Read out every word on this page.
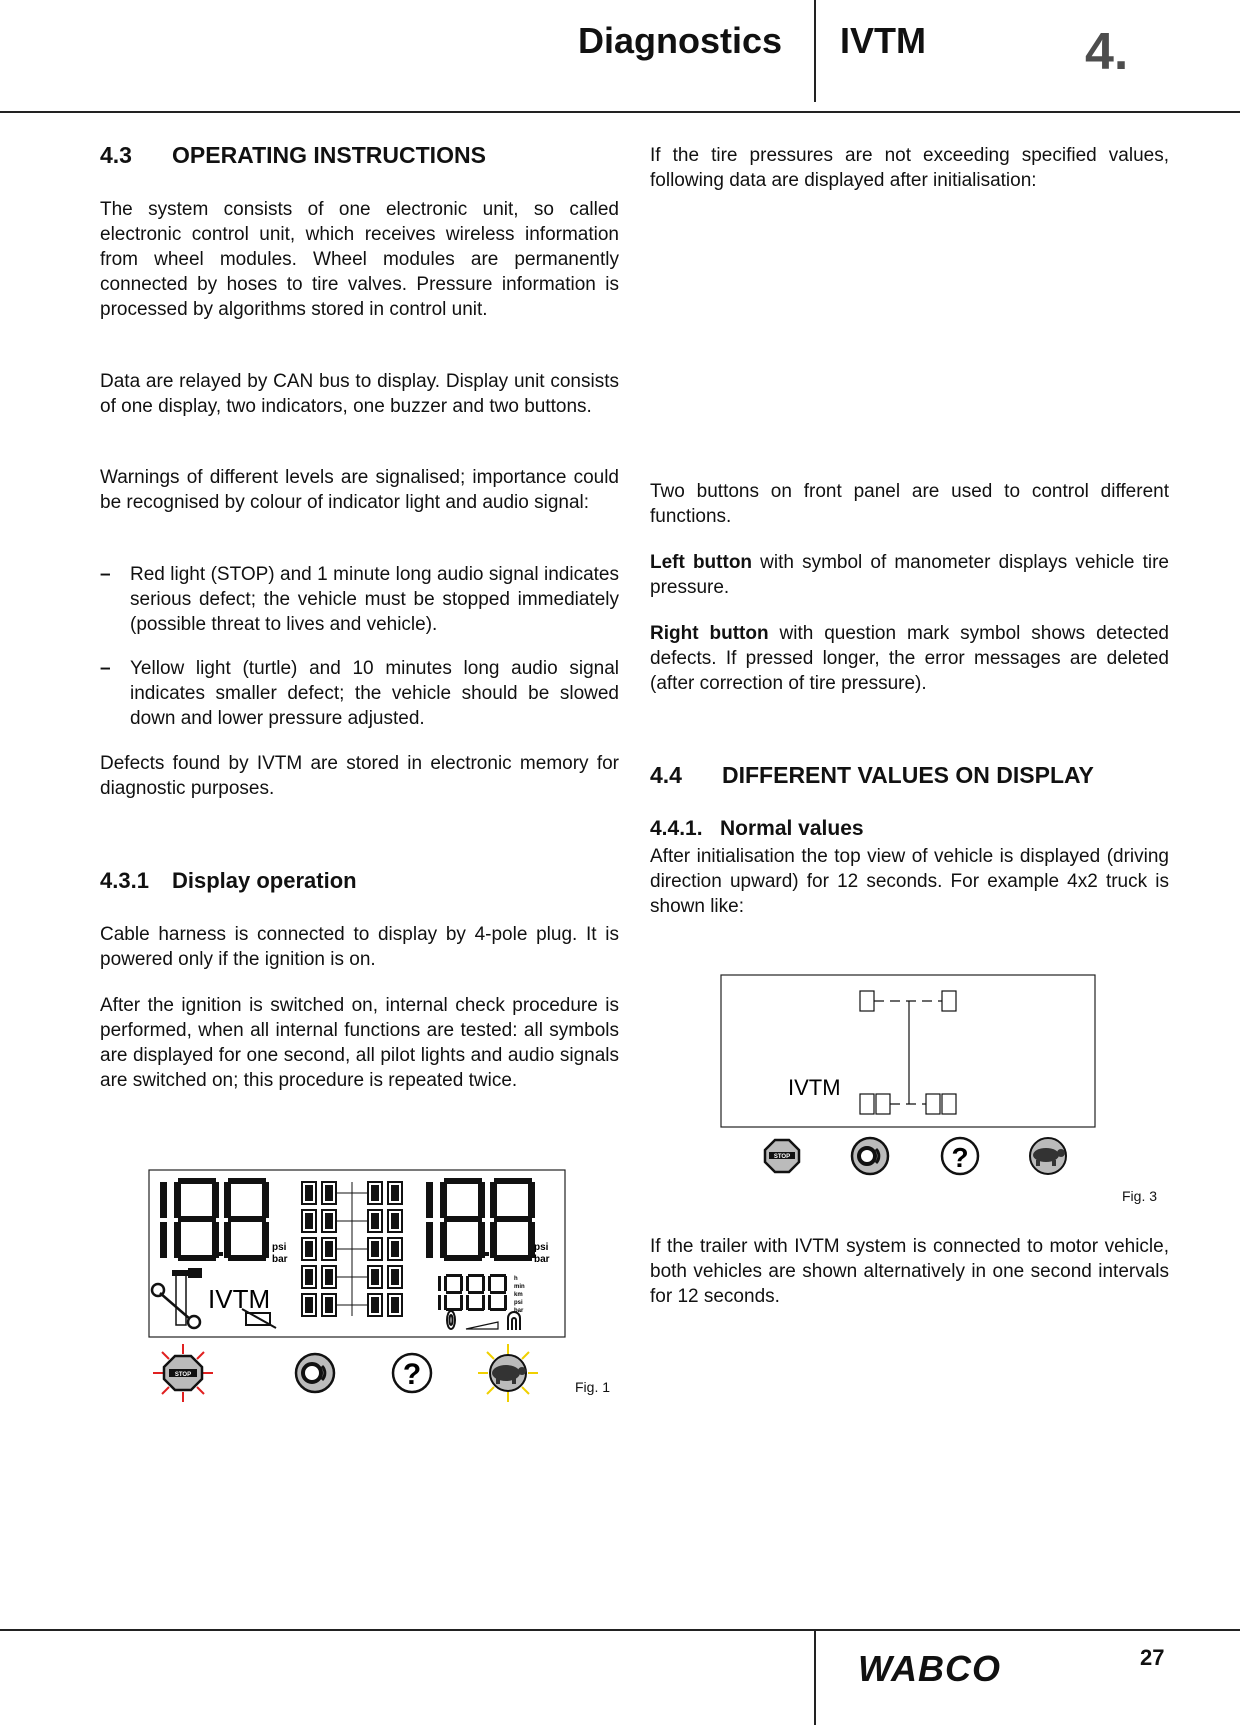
Diagnostics IVTM	4.
4.3 OPERATING INSTRUCTIONS

The system consists of one electronic unit, so called electronic control unit, which receives wireless information from wheel modules. Wheel modules are permanently connected by hoses to tire valves. Pressure information is processed by algorithms stored in control unit.

Data are relayed by CAN bus to display. Display unit consists of one display, two indicators, one buzzer and two buttons.

Warnings of different levels are signalised; importance could be recognised by colour of indicator light and audio signal:

– Red light (STOP) and 1 minute long audio signal indicates serious defect; the vehicle must be stopped immediately (possible threat to lives and vehicle).
– Yellow light (turtle) and 10 minutes long audio signal indicates smaller defect; the vehicle should be slowed down and lower pressure adjusted.

Defects found by IVTM are stored in electronic memory for diagnostic purposes.

4.3.1 Display operation

Cable harness is connected to display by 4-pole plug. It is powered only if the ignition is on.

After the ignition is switched on, internal check procedure is performed, when all internal functions are tested: all symbols are displayed for one second, all pilot lights and audio signals are switched on; this procedure is repeated twice.

psi
bar
psi
bar
IVTM
h
min
km
psi
bar
STOP	?	Fig. 1

If the tire pressures are not exceeding specified values, following data are displayed after initialisation:

Two buttons on front panel are used to control different functions.

Left button with symbol of manometer displays vehicle tire pressure.

Right button with question mark symbol shows detected defects. If pressed longer, the error messages are deleted (after correction of tire pressure).

4.4 DIFFERENT VALUES ON DISPLAY
4.4.1. Normal values

After initialisation the top view of vehicle is displayed (driving direction upward) for 12 seconds. For example 4x2 truck is shown like:

IVTM
STOP	?
Fig. 3

If the trailer with IVTM system is connected to motor vehicle, both vehicles are shown alternatively in one second intervals for 12 seconds.

WABCO	27
